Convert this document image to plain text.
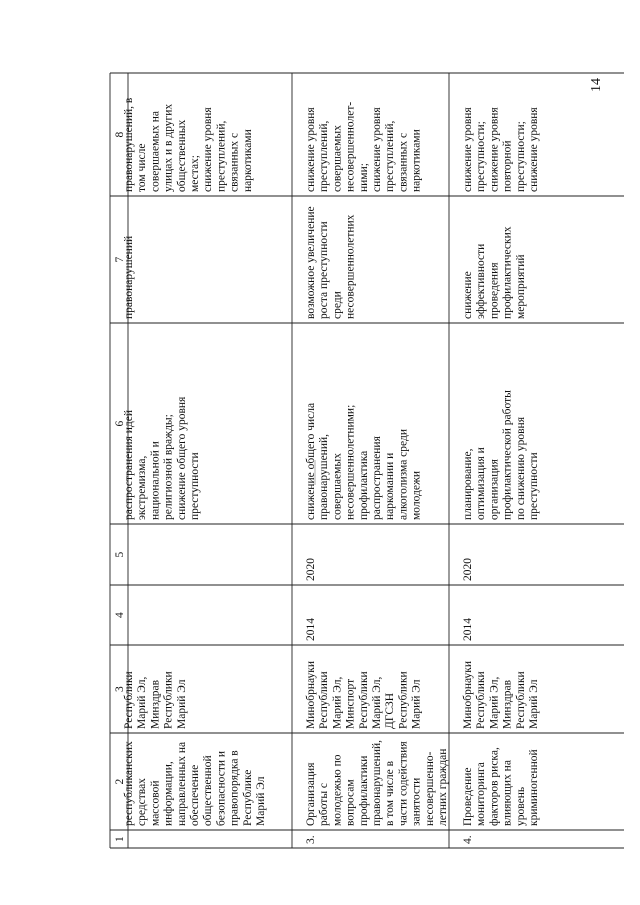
14
1
2
3
4
5
6
7
8
республиканских средствах массовой информации, направленных на обеспечение общественной безопасности и правопорядка в Республике Марий Эл
Республики Марий Эл, Минздрав Республики Марий Эл
распространения идей экстремизма, национальной и религиозной вражды; снижение общего уровня преступности
правонарушений
правонарушений, в том числе совершаемых на улицах и в других общественных местах; снижение уровня преступлений, связанных с наркотиками
3.
Организация работы с молодежью по вопросам профилактики правонарушений, в том числе в части содействия занятости несовершенно- летних граждан
Минобрнауки Республики Марий Эл, Минспорт Республики Марий Эл, ДГСЗН Республики Марий Эл
2014
2020
снижение общего числа правонарушений, совершаемых несовершеннолетними; профилактика распространения наркомании и алкоголизма среди молодежи
возможное увеличение роста преступности среди несовершеннолетних
снижение уровня преступлений, совершаемых несовершеннолет- ними; снижение уровня преступлений, связанных с наркотиками
4.
Проведение мониторинга факторов риска, влияющих на уровень криминогенной
Минобрнауки Республики Марий Эл, Минздрав Республики Марий Эл
2014
2020
планирование, оптимизация и организация профилактической работы по снижению уровня преступности
снижение эффективности проведения профилактических мероприятий
снижение уровня преступности; снижение уровня повторной преступности; снижение уровня
